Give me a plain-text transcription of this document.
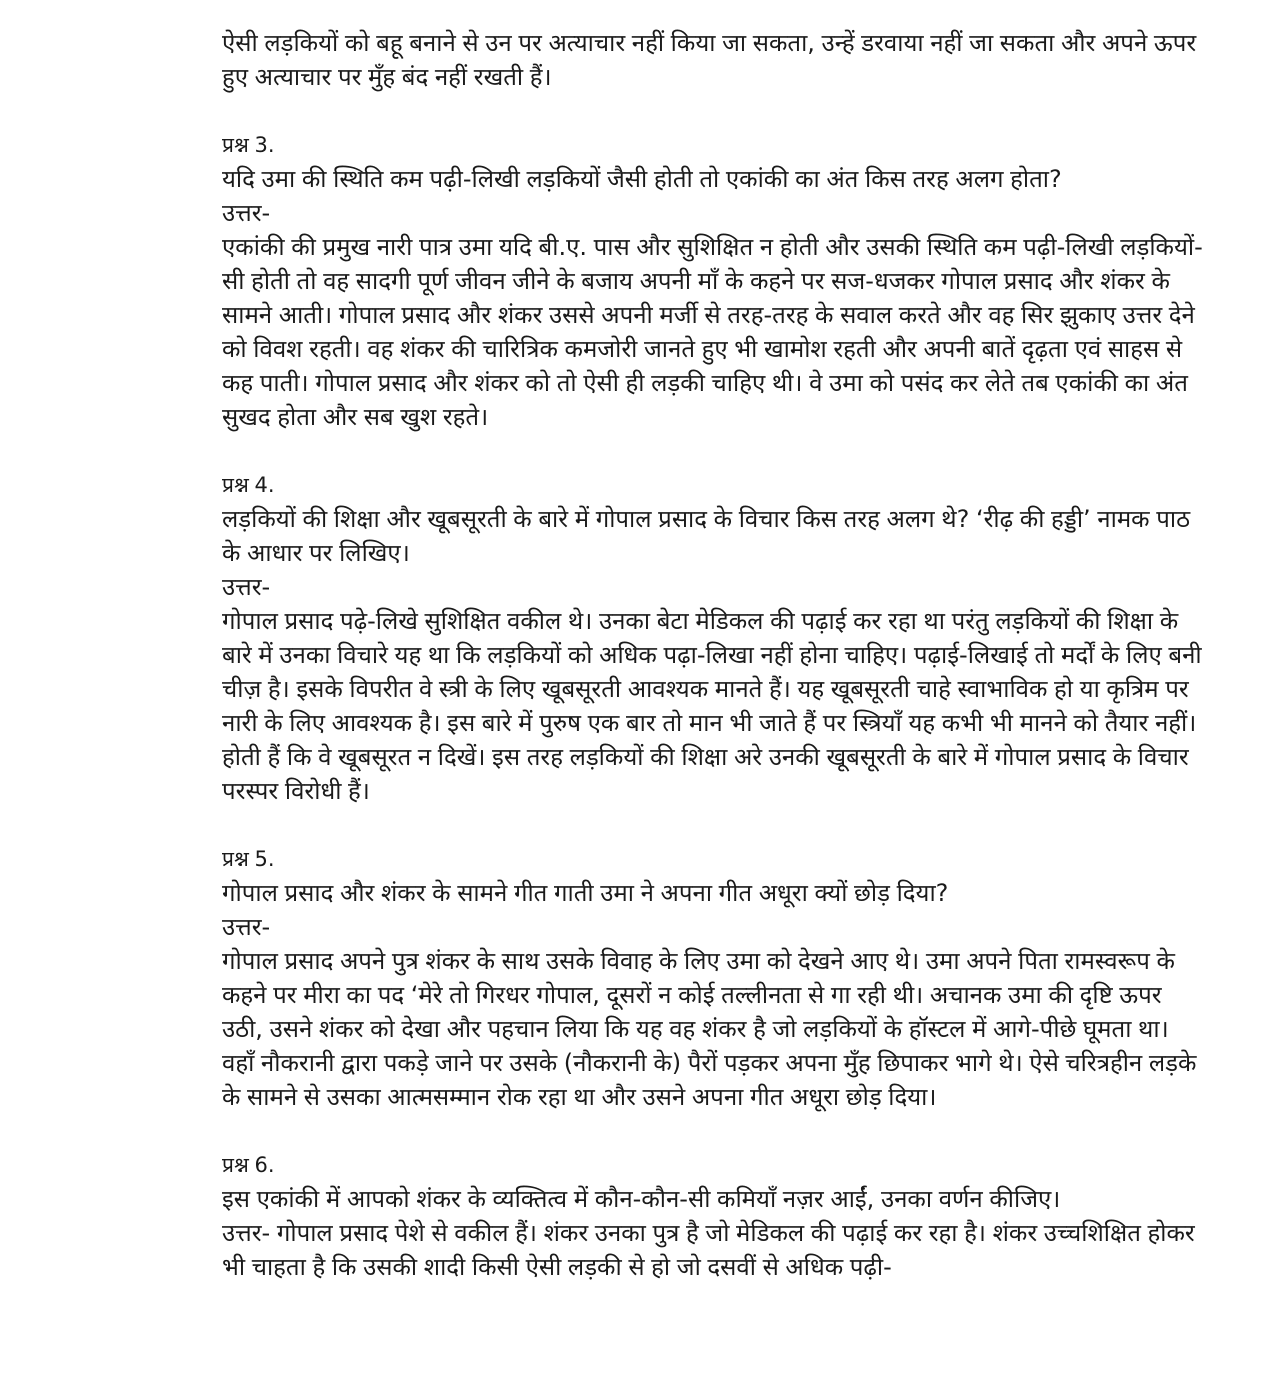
ऐसी लड़कियों को बहू बनाने से उन पर अत्याचार नहीं किया जा सकता, उन्हें डरवाया नहीं जा सकता और अपने ऊपर हुए अत्याचार पर मुँह बंद नहीं रखती हैं।

प्रश्न 3.
यदि उमा की स्थिति कम पढ़ी-लिखी लड़कियों जैसी होती तो एकांकी का अंत किस तरह अलग होता?
उत्तर-
एकांकी की प्रमुख नारी पात्र उमा यदि बी.ए. पास और सुशिक्षित न होती और उसकी स्थिति कम पढ़ी-लिखी लड़कियों-सी होती तो वह सादगी पूर्ण जीवन जीने के बजाय अपनी माँ के कहने पर सज-धजकर गोपाल प्रसाद और शंकर के सामने आती। गोपाल प्रसाद और शंकर उससे अपनी मर्जी से तरह-तरह के सवाल करते और वह सिर झुकाए उत्तर देने को विवश रहती। वह शंकर की चारित्रिक कमजोरी जानते हुए भी खामोश रहती और अपनी बातें दृढ़ता एवं साहस से कह पाती। गोपाल प्रसाद और शंकर को तो ऐसी ही लड़की चाहिए थी। वे उमा को पसंद कर लेते तब एकांकी का अंत सुखद होता और सब खुश रहते।
प्रश्न 4.
लड़कियों की शिक्षा और खूबसूरती के बारे में गोपाल प्रसाद के विचार किस तरह अलग थे? ‘रीढ़ की हड्डी’ नामक पाठ के आधार पर लिखिए।
उत्तर-
गोपाल प्रसाद पढ़े-लिखे सुशिक्षित वकील थे। उनका बेटा मेडिकल की पढ़ाई कर रहा था परंतु लड़कियों की शिक्षा के बारे में उनका विचारे यह था कि लड़कियों को अधिक पढ़ा-लिखा नहीं होना चाहिए। पढ़ाई-लिखाई तो मर्दों के लिए बनी चीज़ है। इसके विपरीत वे स्त्री के लिए खूबसूरती आवश्यक मानते हैं। यह खूबसूरती चाहे स्वाभाविक हो या कृत्रिम पर नारी के लिए आवश्यक है। इस बारे में पुरुष एक बार तो मान भी जाते हैं पर स्त्रियाँ यह कभी भी मानने को तैयार नहीं। होती हैं कि वे खूबसूरत न दिखें। इस तरह लड़कियों की शिक्षा अरे उनकी खूबसूरती के बारे में गोपाल प्रसाद के विचार परस्पर विरोधी हैं।
प्रश्न 5.
गोपाल प्रसाद और शंकर के सामने गीत गाती उमा ने अपना गीत अधूरा क्यों छोड़ दिया?
उत्तर-
गोपाल प्रसाद अपने पुत्र शंकर के साथ उसके विवाह के लिए उमा को देखने आए थे। उमा अपने पिता रामस्वरूप के कहने पर मीरा का पद ‘मेरे तो गिरधर गोपाल, दूसरों न कोई तल्लीनता से गा रही थी। अचानक उमा की दृष्टि ऊपर उठी, उसने शंकर को देखा और पहचान लिया कि यह वह शंकर है जो लड़कियों के हॉस्टल में आगे-पीछे घूमता था। वहाँ नौकरानी द्वारा पकड़े जाने पर उसके (नौकरानी के) पैरों पड़कर अपना मुँह छिपाकर भागे थे। ऐसे चरित्रहीन लड़के के सामने से उसका आत्मसम्मान रोक रहा था और उसने अपना गीत अधूरा छोड़ दिया।
प्रश्न 6.
इस एकांकी में आपको शंकर के व्यक्तित्व में कौन-कौन-सी कमियाँ नज़र आईं, उनका वर्णन कीजिए।
उत्तर- गोपाल प्रसाद पेशे से वकील हैं। शंकर उनका पुत्र है जो मेडिकल की पढ़ाई कर रहा है। शंकर उच्चशिक्षित होकर भी चाहता है कि उसकी शादी किसी ऐसी लड़की से हो जो दसवीं से अधिक पढ़ी-
